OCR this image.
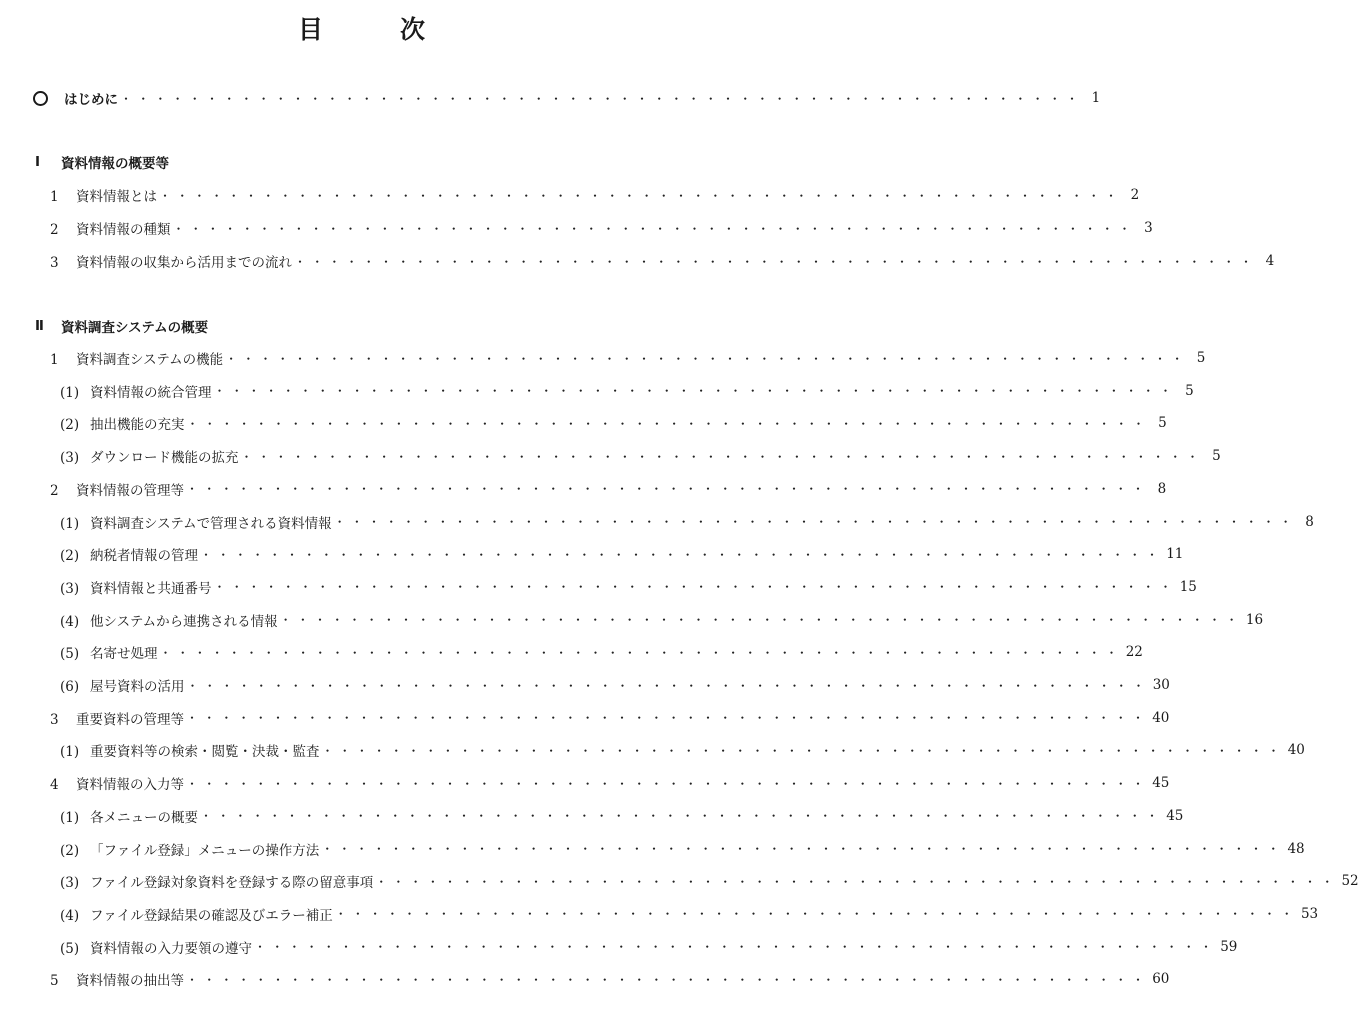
目	次
はじめに ・・・・・・・・・・・・・・・・・・・・・・・・・・・・・・・・・・・・・・・・・・・・・・・・・・・・・・・・ 1
Ⅰ	資料情報の概要等
1 資料情報とは ・・・・・・・・・・・・・・・・・・・・・・・・・・・・・・・・・・・・・・・・・・・・・・・・・・・・・・・・ 2
2 資料情報の種類 ・・・・・・・・・・・・・・・・・・・・・・・・・・・・・・・・・・・・・・・・・・・・・・・・・・・・・・・・ 3
3 資料情報の収集から活用までの流れ ・・・・・・・・・・・・・・・・・・・・・・・・・・・・・・・・・・・・・・・・・・・・・・・・・・・・・・・・ 4
Ⅱ	資料調査システムの概要
1 資料調査システムの機能 ・・・・・・・・・・・・・・・・・・・・・・・・・・・・・・・・・・・・・・・・・・・・・・・・・・・・・・・・ 5
(1) 資料情報の統合管理 ・・・・・・・・・・・・・・・・・・・・・・・・・・・・・・・・・・・・・・・・・・・・・・・・・・・・・・・・ 5
(2) 抽出機能の充実 ・・・・・・・・・・・・・・・・・・・・・・・・・・・・・・・・・・・・・・・・・・・・・・・・・・・・・・・・ 5
(3) ダウンロード機能の拡充 ・・・・・・・・・・・・・・・・・・・・・・・・・・・・・・・・・・・・・・・・・・・・・・・・・・・・・・・・ 5
2 資料情報の管理等 ・・・・・・・・・・・・・・・・・・・・・・・・・・・・・・・・・・・・・・・・・・・・・・・・・・・・・・・・ 8
(1) 資料調査システムで管理される資料情報 ・・・・・・・・・・・・・・・・・・・・・・・・・・・・・・・・・・・・・・・・・・・・・・・・・・・・・・・・ 8
(2) 納税者情報の管理 ・・・・・・・・・・・・・・・・・・・・・・・・・・・・・・・・・・・・・・・・・・・・・・・・・・・・・・・・ 11
(3) 資料情報と共通番号 ・・・・・・・・・・・・・・・・・・・・・・・・・・・・・・・・・・・・・・・・・・・・・・・・・・・・・・・・ 15
(4) 他システムから連携される情報 ・・・・・・・・・・・・・・・・・・・・・・・・・・・・・・・・・・・・・・・・・・・・・・・・・・・・・・・・ 16
(5) 名寄せ処理 ・・・・・・・・・・・・・・・・・・・・・・・・・・・・・・・・・・・・・・・・・・・・・・・・・・・・・・・・ 22
(6) 屋号資料の活用 ・・・・・・・・・・・・・・・・・・・・・・・・・・・・・・・・・・・・・・・・・・・・・・・・・・・・・・・・ 30
3 重要資料の管理等 ・・・・・・・・・・・・・・・・・・・・・・・・・・・・・・・・・・・・・・・・・・・・・・・・・・・・・・・・ 40
(1) 重要資料等の検索・閲覧・決裁・監査 ・・・・・・・・・・・・・・・・・・・・・・・・・・・・・・・・・・・・・・・・・・・・・・・・・・・・・・・・ 40
4 資料情報の入力等 ・・・・・・・・・・・・・・・・・・・・・・・・・・・・・・・・・・・・・・・・・・・・・・・・・・・・・・・・ 45
(1) 各メニューの概要 ・・・・・・・・・・・・・・・・・・・・・・・・・・・・・・・・・・・・・・・・・・・・・・・・・・・・・・・・ 45
(2) 「ファイル登録」メニューの操作方法 ・・・・・・・・・・・・・・・・・・・・・・・・・・・・・・・・・・・・・・・・・・・・・・・・・・・・・・・・ 48
(3) ファイル登録対象資料を登録する際の留意事項 ・・・・・・・・・・・・・・・・・・・・・・・・・・・・・・・・・・・・・・・・・・・・・・・・・・・・・・・・ 52
(4) ファイル登録結果の確認及びエラー補正 ・・・・・・・・・・・・・・・・・・・・・・・・・・・・・・・・・・・・・・・・・・・・・・・・・・・・・・・・ 53
(5) 資料情報の入力要領の遵守 ・・・・・・・・・・・・・・・・・・・・・・・・・・・・・・・・・・・・・・・・・・・・・・・・・・・・・・・・ 59
5 資料情報の抽出等 ・・・・・・・・・・・・・・・・・・・・・・・・・・・・・・・・・・・・・・・・・・・・・・・・・・・・・・・・ 60
